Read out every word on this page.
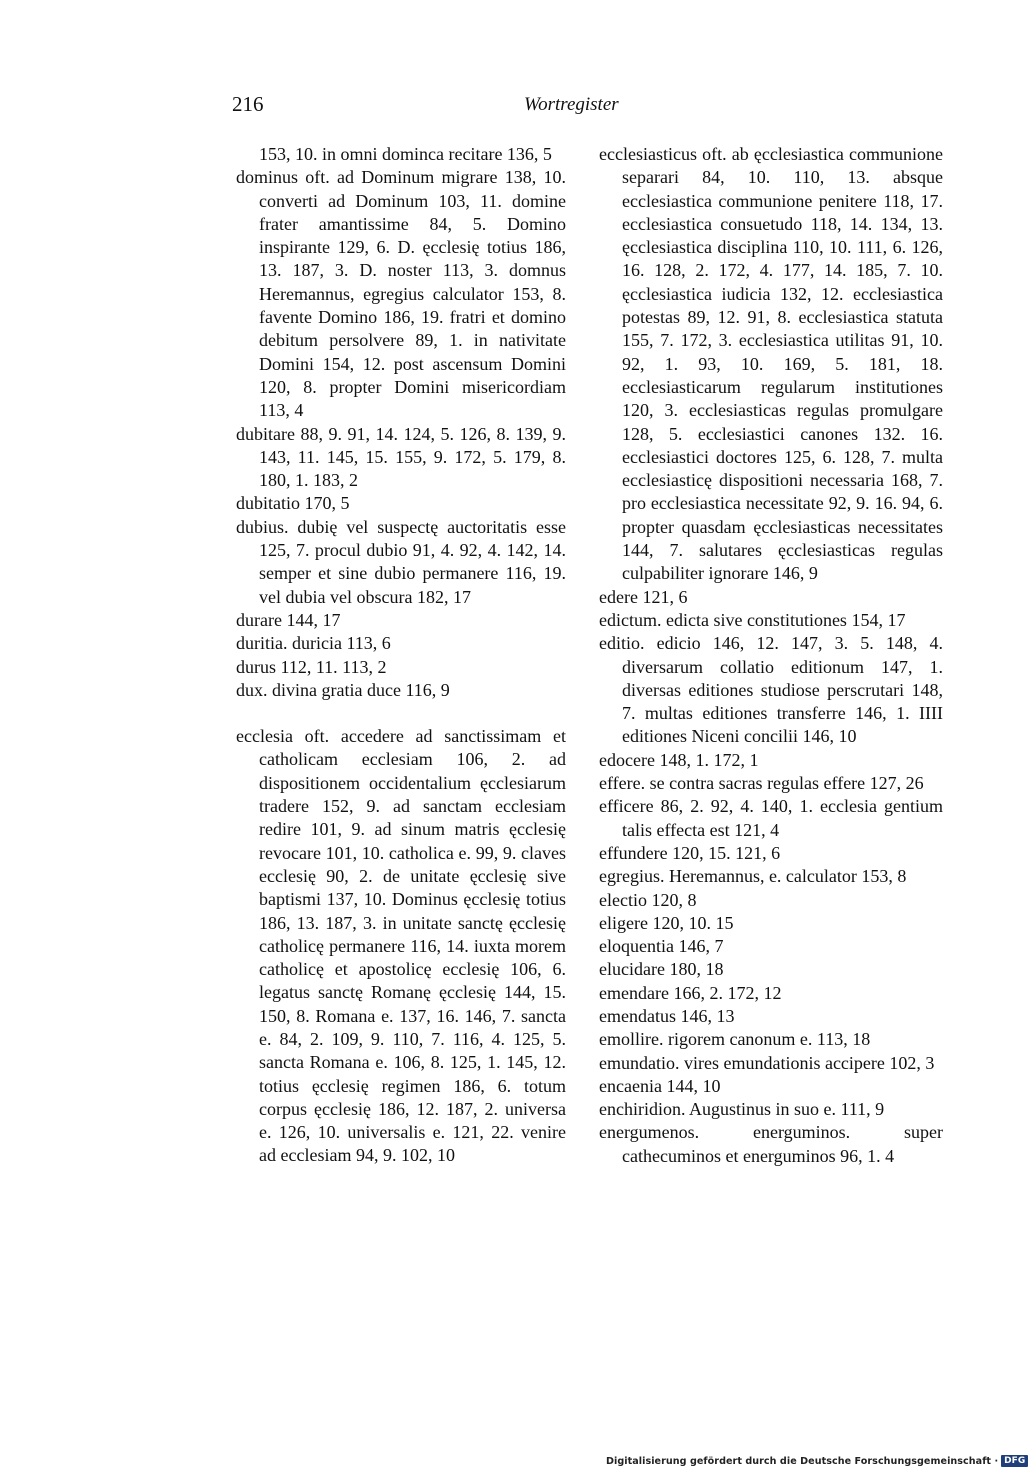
216	Wortregister
153, 10. in omni dominca recitare 136, 5
dominus oft. ad Dominum migrare 138, 10. converti ad Dominum 103, 11. domine frater amantissime 84, 5. Domino inspirante 129, 6. D. ęcclesię totius 186, 13. 187, 3. D. noster 113, 3. domnus Heremannus, egregius calculator 153, 8. favente Domino 186, 19. fratri et domino debitum persolvere 89, 1. in nativitate Domini 154, 12. post ascensum Domini 120, 8. propter Domini misericordiam 113, 4
dubitare 88, 9. 91, 14. 124, 5. 126, 8. 139, 9. 143, 11. 145, 15. 155, 9. 172, 5. 179, 8. 180, 1. 183, 2
dubitatio 170, 5
dubius. dubię vel suspectę auctoritatis esse 125, 7. procul dubio 91, 4. 92, 4. 142, 14. semper et sine dubio permanere 116, 19. vel dubia vel obscura 182, 17
durare 144, 17
duritia. duricia 113, 6
durus 112, 11. 113, 2
dux. divina gratia duce 116, 9
ecclesia oft. accedere ad sanctissimam et catholicam ecclesiam 106, 2. ad dispositionem occidentalium ęcclesiarum tradere 152, 9. ad sanctam ecclesiam redire 101, 9. ad sinum matris ęcclesię revocare 101, 10. catholica e. 99, 9. claves ecclesię 90, 2. de unitate ęcclesię sive baptismi 137, 10. Dominus ęcclesię totius 186, 13. 187, 3. in unitate sanctę ęcclesię catholicę permanere 116, 14. iuxta morem catholicę et apostolicę ecclesię 106, 6. legatus sanctę Romanę ęcclesię 144, 15. 150, 8. Romana e. 137, 16. 146, 7. sancta e. 84, 2. 109, 9. 110, 7. 116, 4. 125, 5. sancta Romana e. 106, 8. 125, 1. 145, 12. totius ęcclesię regimen 186, 6. totum corpus ęcclesię 186, 12. 187, 2. universa e. 126, 10. universalis e. 121, 22. venire ad ecclesiam 94, 9. 102, 10
ecclesiasticus oft. ab ęcclesiastica communione separari 84, 10. 110, 13. absque ecclesiastica communione penitere 118, 17. ecclesiastica consuetudo 118, 14. 134, 13. ęcclesiastica disciplina 110, 10. 111, 6. 126, 16. 128, 2. 172, 4. 177, 14. 185, 7. 10. ęcclesiastica iudicia 132, 12. ecclesiastica potestas 89, 12. 91, 8. ecclesiastica statuta 155, 7. 172, 3. ecclesiastica utilitas 91, 10. 92, 1. 93, 10. 169, 5. 181, 18. ecclesiasticarum regularum institutiones 120, 3. ecclesiasticas regulas promulgare 128, 5. ecclesiastici canones 132. 16. ecclesiastici doctores 125, 6. 128, 7. multa ecclesiasticę dispositioni necessaria 168, 7. pro ecclesiastica necessitate 92, 9. 16. 94, 6. propter quasdam ęcclesiasticas necessitates 144, 7. salutares ęcclesiasticas regulas culpabiliter ignorare 146, 9
edere 121, 6
edictum. edicta sive constitutiones 154, 17
editio. edicio 146, 12. 147, 3. 5. 148, 4. diversarum collatio editionum 147, 1. diversas editiones studiose perscrutari 148, 7. multas editiones transferre 146, 1. IIII editiones Niceni concilii 146, 10
edocere 148, 1. 172, 1
effere. se contra sacras regulas effere 127, 26
efficere 86, 2. 92, 4. 140, 1. ecclesia gentium talis effecta est 121, 4
effundere 120, 15. 121, 6
egregius. Heremannus, e. calculator 153, 8
electio 120, 8
eligere 120, 10. 15
eloquentia 146, 7
elucidare 180, 18
emendare 166, 2. 172, 12
emendatus 146, 13
emollire. rigorem canonum e. 113, 18
emundatio. vires emundationis accipere 102, 3
encaenia 144, 10
enchiridion. Augustinus in suo e. 111, 9
energumenos. energuminos. super cathecuminos et energuminos 96, 1. 4
Digitalisierung gefördert durch die Deutsche Forschungsgemeinschaft · DFG
